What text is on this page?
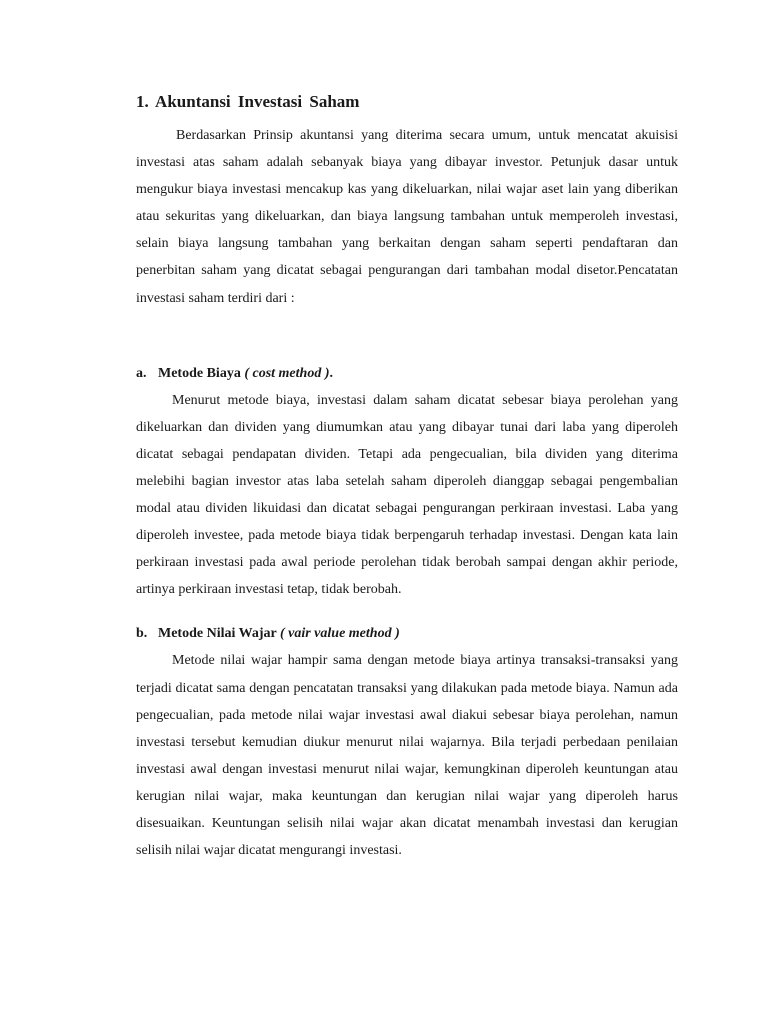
1. Akuntansi Investasi Saham

Berdasarkan Prinsip akuntansi yang diterima secara umum, untuk mencatat akuisisi investasi atas saham adalah sebanyak biaya yang dibayar investor. Petunjuk dasar untuk mengukur biaya investasi mencakup kas yang dikeluarkan, nilai wajar aset lain yang diberikan atau sekuritas yang dikeluarkan, dan biaya langsung tambahan untuk memperoleh investasi, selain biaya langsung tambahan yang berkaitan dengan saham seperti pendaftaran dan penerbitan saham yang dicatat sebagai pengurangan dari tambahan modal disetor.Pencatatan investasi saham terdiri dari :

a. Metode Biaya ( cost method ).

Menurut metode biaya, investasi dalam saham dicatat sebesar biaya perolehan yang dikeluarkan dan dividen yang diumumkan atau yang dibayar tunai dari laba yang diperoleh dicatat sebagai pendapatan dividen. Tetapi ada pengecualian, bila dividen yang diterima melebihi bagian investor atas laba setelah saham diperoleh dianggap sebagai pengembalian modal atau dividen likuidasi dan dicatat sebagai pengurangan perkiraan investasi. Laba yang diperoleh investee, pada metode biaya tidak berpengaruh terhadap investasi. Dengan kata lain perkiraan investasi pada awal periode perolehan tidak berobah sampai dengan akhir periode, artinya perkiraan investasi tetap, tidak berobah.

b. Metode Nilai Wajar ( vair value method )

Metode nilai wajar hampir sama dengan metode biaya artinya transaksi-transaksi yang terjadi dicatat sama dengan pencatatan transaksi yang dilakukan pada metode biaya. Namun ada pengecualian, pada metode nilai wajar investasi awal diakui sebesar biaya perolehan, namun investasi tersebut kemudian diukur menurut nilai wajarnya. Bila terjadi perbedaan penilaian investasi awal dengan investasi menurut nilai wajar, kemungkinan diperoleh keuntungan atau kerugian nilai wajar, maka keuntungan dan kerugian nilai wajar yang diperoleh harus disesuaikan. Keuntungan selisih nilai wajar akan dicatat menambah investasi dan kerugian selisih nilai wajar dicatat mengurangi investasi.
